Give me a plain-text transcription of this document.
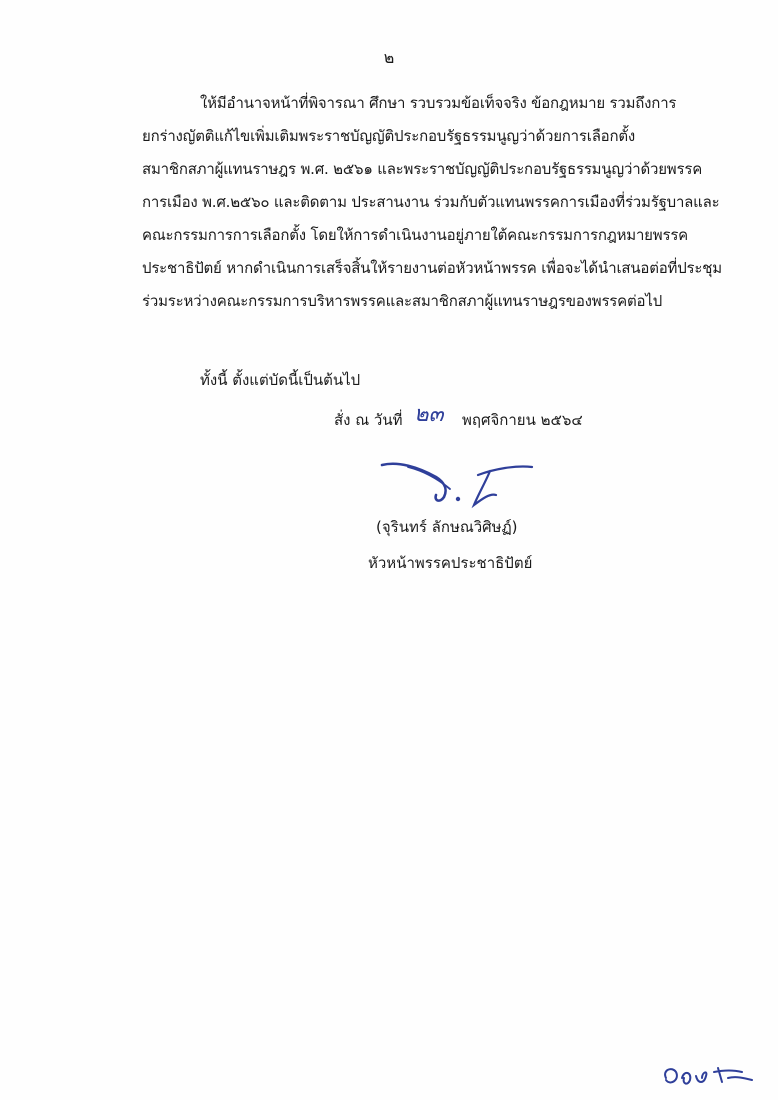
๒
ให้มีอำนาจหน้าที่พิจารณา ศึกษา รวบรวมข้อเท็จจริง ข้อกฎหมาย รวมถึงการ
ยกร่างญัตติแก้ไขเพิ่มเติมพระราชบัญญัติประกอบรัฐธรรมนูญว่าด้วยการเลือกตั้ง
สมาชิกสภาผู้แทนราษฎร พ.ศ. ๒๕๖๑ และพระราชบัญญัติประกอบรัฐธรรมนูญว่าด้วยพรรค
การเมือง พ.ศ.๒๕๖๐ และติดตาม ประสานงาน ร่วมกับตัวแทนพรรคการเมืองที่ร่วมรัฐบาลและ
คณะกรรมการการเลือกตั้ง โดยให้การดำเนินงานอยู่ภายใต้คณะกรรมการกฎหมายพรรค
ประชาธิปัตย์ หากดำเนินการเสร็จสิ้นให้รายงานต่อหัวหน้าพรรค เพื่อจะได้นำเสนอต่อที่ประชุม
ร่วมระหว่างคณะกรรมการบริหารพรรคและสมาชิกสภาผู้แทนราษฎรของพรรคต่อไป
ทั้งนี้ ตั้งแต่บัดนี้เป็นต้นไป
สั่ง ณ วันที่ ๒๓ พฤศจิกายน ๒๕๖๔
(จุรินทร์ ลักษณวิศิษฏ์)
หัวหน้าพรรคประชาธิปัตย์
